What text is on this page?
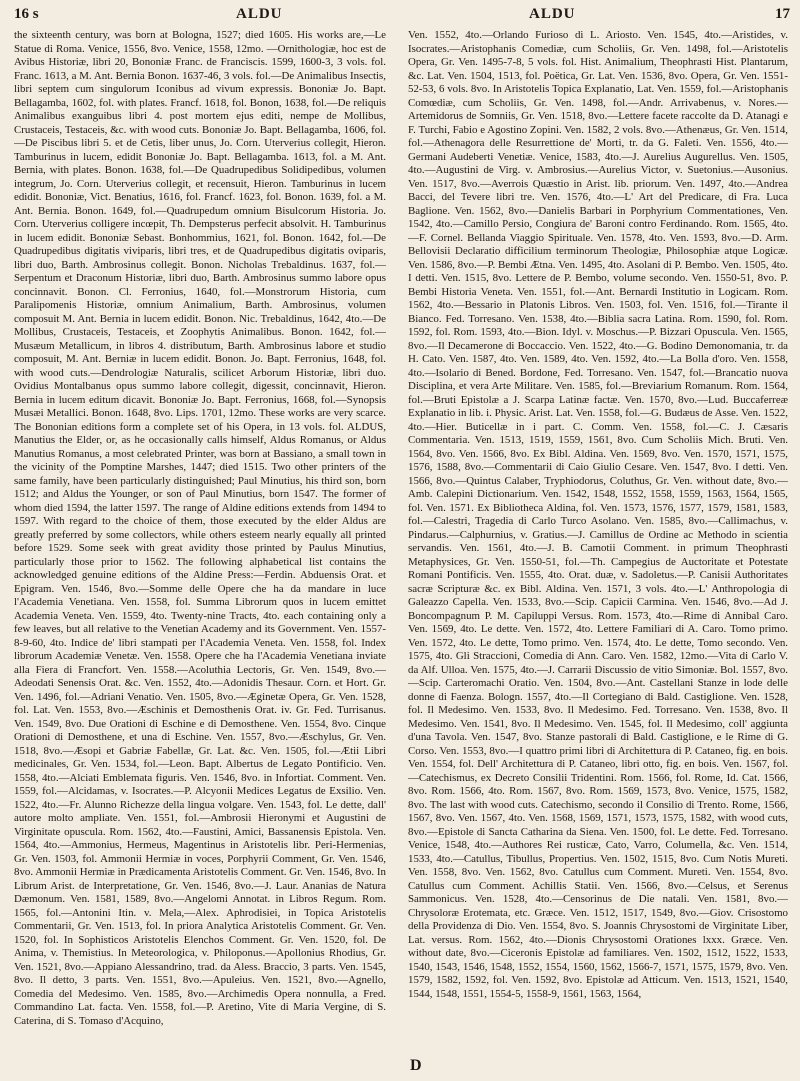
16 s	ALDU	ALDU	17

the sixteenth century, was born at Bologna, 1527; died 1605. His works are,—Le Statue di Roma. Venice, 1556, 8vo. Venice, 1558, 12mo. —Ornithologiæ, hoc est de Avibus Historiæ, libri 20, Bononiæ Franc. de Franciscis. 1599, 1600-3, 3 vols. fol. Franc. 1613, a M. Ant. Bernia Bonon. 1637-46, 3 vols. fol.—De Animalibus Insectis, libri septem cum singulorum Iconibus ad vivum expressis. Bononiæ Jo. Bapt. Bellagamba, 1602, fol. with plates. Francf. 1618, fol. Bonon, 1638, fol.—De reliquis Animalibus exanguibus libri 4. post mortem ejus editi, nempe de Mollibus, Crustaceis, Testaceis, &c. with wood cuts. Bononiæ Jo. Bapt. Bellagamba, 1606, fol.—De Piscibus libri 5. et de Cetis, liber unus, Jo. Corn. Uterverius collegit, Hieron. Tamburinus in lucem, edidit Bononiæ Jo. Bapt. Bellagamba. 1613, fol. a M. Ant. Bernia, with plates. Bonon. 1638, fol.—De Quadrupedibus Solidipedibus, volumen integrum, Jo. Corn. Uterverius collegit, et recensuit, Hieron. Tamburinus in lucem edidit. Bononiæ, Vict. Benatius, 1616, fol. Francf. 1623, fol. Bonon. 1639, fol. a M. Ant. Bernia. Bonon. 1649, fol.—Quadrupedum omnium Bisulcorum Historia. Jo. Corn. Uterverius colligere incœpit, Th. Dempsterus perfecit absolvit. H. Tamburinus in lucem edidit. Bononiæ Sebast. Bonhommius, 1621, fol. Bonon. 1642, fol.—De Quadrupedibus digitatis viviparis, libri tres, et de Quadrupedibus digitatis oviparis, libri duo, Barth. Ambrosinus collegit. Bonon. Nicholas Trebaldinus. 1637, fol.—Serpentum et Draconum Historiæ, libri duo, Barth. Ambrosinus summo labore opus concinnavit. Bonon. Cl. Ferronius, 1640, fol.—Monstrorum Historia, cum Paralipomenis Historiæ, omnium Animalium, Barth. Ambrosinus, volumen composuit M. Ant. Bernia in lucem edidit. Bonon. Nic. Trebaldinus, 1642, 4to.—De Mollibus, Crustaceis, Testaceis, et Zoophytis Animalibus. Bonon. 1642, fol.—Musæum Metallicum, in libros 4. distributum, Barth. Ambrosinus labore et studio composuit, M. Ant. Berniæ in lucem edidit. Bonon. Jo. Bapt. Ferronius, 1648, fol. with wood cuts.—Dendrologiæ Naturalis, scilicet Arborum Historiæ, libri duo. Ovidius Montalbanus opus summo labore collegit, digessit, concinnavit, Hieron. Bernia in lucem editum dicavit. Bononiæ Jo. Bapt. Ferronius, 1668, fol.—Synopsis Musæi Metallici. Bonon. 1648, 8vo. Lips. 1701, 12mo. These works are very scarce. The Bononian editions form a complete set of his Opera, in 13 vols. fol. ALDUS, Manutius the Elder, or, as he occasionally calls himself, Aldus Romanus, or Aldus Manutius Romanus, a most celebrated Printer, was born at Bassiano, a small town in the vicinity of the Pomptine Marshes, 1447; died 1515. Two other printers of the same family, have been particularly distinguished; Paul Minutius, his third son, born 1512; and Aldus the Younger, or son of Paul Minutius, born 1547. The former of whom died 1594, the latter 1597. The range of Aldine editions extends from 1494 to 1597. With regard to the choice of them, those executed by the elder Aldus are greatly preferred by some collectors, while others esteem nearly equally all printed before 1529. Some seek with great avidity those printed by Paulus Minutius, particularly those prior to 1562. The following alphabetical list contains the acknowledged genuine editions of the Aldine Press:—Ferdin. Abduensis Orat. et Epigram. Ven. 1546, 8vo.—Somme delle Opere che ha da mandare in luce l'Academia Venetiana. Ven. 1558, fol. Summa Librorum quos in lucem emittet Academia Veneta. Ven. 1559, 4to. Twenty-nine Tracts, 4to. each containing only a few leaves, but all relative to the Venetian Academy and its Government. Ven. 1557-8-9-60, 4to. Indice de' libri stampati per l'Academia Veneta. Ven. 1558, fol. Index librorum Academiæ Venetæ. Ven. 1558. Opere che ha l'Academia Venetiana inviate alla Fiera di Francfort. Ven. 1558.—Acoluthia Lectoris, Gr. Ven. 1549, 8vo.—Adeodati Senensis Orat. &c. Ven. 1552, 4to.—Adonidis Thesaur. Corn. et Hort. Gr. Ven. 1496, fol.—Adriani Venatio. Ven. 1505, 8vo.—Æginetæ Opera, Gr. Ven. 1528, fol. Lat. Ven. 1553, 8vo.—Æschinis et Demosthenis Orat. iv. Gr. Fed. Turrisanus. Ven. 1549, 8vo. Due Orationi di Eschine e di Demosthene. Ven. 1554, 8vo. Cinque Orationi di Demosthene, et una di Eschine. Ven. 1557, 8vo.—Æschylus, Gr. Ven. 1518, 8vo.—Æsopi et Gabriæ Fabellæ, Gr. Lat. &c. Ven. 1505, fol.—Ætii Libri medicinales, Gr. Ven. 1534, fol.—Leon. Bapt. Albertus de Legato Pontificio. Ven. 1558, 4to.—Alciati Emblemata figuris. Ven. 1546, 8vo. in Infortiat. Comment. Ven. 1559, fol.—Alcidamas, v. Isocrates.—P. Alcyonii Medices Legatus de Exsilio. Ven. 1522, 4to.—Fr. Alunno Richezze della lingua volgare. Ven. 1543, fol. Le dette, dall' autore molto ampliate. Ven. 1551, fol.—Ambrosii Hieronymi et Augustini de Virginitate opuscula. Rom. 1562, 4to.—Faustini, Amici, Bassanensis Epistola. Ven. 1564, 4to.—Ammonius, Hermeus, Magentinus in Aristotelis libr. Peri-Hermenias, Gr. Ven. 1503, fol. Ammonii Hermiæ in voces, Porphyrii Comment, Gr. Ven. 1546, 8vo. Ammonii Hermiæ in Prædicamenta Aristotelis Comment. Gr. Ven. 1546, 8vo. In Librum Arist. de Interpretatione, Gr. Ven. 1546, 8vo.—J. Laur. Ananias de Natura Dæmonum. Ven. 1581, 1589, 8vo.—Angelomi Annotat. in Libros Regum. Rom. 1565, fol.—Antonini Itin. v. Mela,—Alex. Aphrodisiei, in Topica Aristotelis Commentarii, Gr. Ven. 1513, fol. In priora Analytica Aristotelis Comment. Gr. Ven. 1520, fol. In Sophisticos Aristotelis Elenchos Comment. Gr. Ven. 1520, fol. De Anima, v. Themistius. In Meteorologica, v. Philoponus.—Apollonius Rhodius, Gr. Ven. 1521, 8vo.—Appiano Alessandrino, trad. da Aless. Braccio, 3 parts. Ven. 1545, 8vo. Il detto, 3 parts. Ven. 1551, 8vo.—Apuleius. Ven. 1521, 8vo.—Agnello, Comedia del Medesimo. Ven. 1585, 8vo.—Archimedis Opera nonnulla, a Fred. Commandino Lat. facta. Ven. 1558, fol.—P. Aretino, Vite di Maria Vergine, di S. Caterina, di S. Tomaso d'Acquino,

Ven. 1552, 4to.—Orlando Furioso di L. Ariosto. Ven. 1545, 4to.—Aristides, v. Isocrates.—Aristophanis Comediæ, cum Scholiis, Gr. Ven. 1498, fol.—Aristotelis Opera, Gr. Ven. 1495-7-8, 5 vols. fol. Hist. Animalium, Theophrasti Hist. Plantarum, &c. Lat. Ven. 1504, 1513, fol. Poëtica, Gr. Lat. Ven. 1536, 8vo. Opera, Gr. Ven. 1551-52-53, 6 vols. 8vo. In Aristotelis Topica Explanatio, Lat. Ven. 1559, fol.—Aristophanis Comœdiæ, cum Scholiis, Gr. Ven. 1498, fol.—Andr. Arrivabenus, v. Nores.—Artemidorus de Somniis, Gr. Ven. 1518, 8vo.—Lettere facete raccolte da D. Atanagi e F. Turchi, Fabio e Agostino Zopini. Ven. 1582, 2 vols. 8vo.—Athenæus, Gr. Ven. 1514, fol.—Athenagora delle Resurrettione de' Morti, tr. da G. Faleti. Ven. 1556, 4to.—Germani Audeberti Venetiæ. Venice, 1583, 4to.—J. Aurelius Augurellus. Ven. 1505, 4to.—Augustini de Virg. v. Ambrosius.—Aurelius Victor, v. Suetonius.—Ausonius. Ven. 1517, 8vo.—Averrois Quæstio in Arist. lib. priorum. Ven. 1497, 4to.—Andrea Bacci, del Tevere libri tre. Ven. 1576, 4to.—L' Art del Predicare, di Fra. Luca Baglione. Ven. 1562, 8vo.—Danielis Barbari in Porphyrium Commentationes, Ven. 1542, 4to.—Camillo Persio, Congiura de' Baroni contro Ferdinando. Rom. 1565, 4to.—F. Cornel. Bellanda Viaggio Spirituale. Ven. 1578, 4to. Ven. 1593, 8vo.—D. Arm. Bellovisii Declaratio difficilium terminorum Theologiæ, Philosophiæ atque Logicæ. Ven. 1586, 8vo.—P. Bembi Ætna. Ven. 1495, 4to. Asolani di P. Bembo. Ven. 1505, 4to. I detti. Ven. 1515, 8vo. Lettere de P. Bembo, volume secondo. Ven. 1550-51, 8vo. P. Bembi Historia Veneta. Ven. 1551, fol.—Ant. Bernardi Institutio in Logicam. Rom. 1562, 4to.—Bessario in Platonis Libros. Ven. 1503, fol. Ven. 1516, fol.—Tirante il Bianco. Fed. Torresano. Ven. 1538, 4to.—Biblia sacra Latina. Rom. 1590, fol. Rom. 1592, fol. Rom. 1593, 4to.—Bion. Idyl. v. Moschus.—P. Bizzari Opuscula. Ven. 1565, 8vo.—Il Decamerone di Boccaccio. Ven. 1522, 4to.—G. Bodino Demonomania, tr. da H. Cato. Ven. 1587, 4to. Ven. 1589, 4to. Ven. 1592, 4to.—La Bolla d'oro. Ven. 1558, 4to.—Isolario di Bened. Bordone, Fed. Torresano. Ven. 1547, fol.—Brancatio nuova Disciplina, et vera Arte Militare. Ven. 1585, fol.—Breviarium Romanum. Rom. 1564, fol.—Bruti Epistolæ a J. Scarpa Latinæ factæ. Ven. 1570, 8vo.—Lud. Buccaferreæ Explanatio in lib. i. Physic. Arist. Lat. Ven. 1558, fol.—G. Budæus de Asse. Ven. 1522, 4to.—Hier. Buticellæ in i part. C. Comm. Ven. 1558, fol.—C. J. Cæsaris Commentaria. Ven. 1513, 1519, 1559, 1561, 8vo. Cum Scholiis Mich. Bruti. Ven. 1564, 8vo. Ven. 1566, 8vo. Ex Bibl. Aldina. Ven. 1569, 8vo. Ven. 1570, 1571, 1575, 1576, 1588, 8vo.—Commentarii di Caio Giulio Cesare. Ven. 1547, 8vo. I detti. Ven. 1566, 8vo.—Quintus Calaber, Tryphiodorus, Coluthus, Gr. Ven. without date, 8vo.—Amb. Calepini Dictionarium. Ven. 1542, 1548, 1552, 1558, 1559, 1563, 1564, 1565, fol. Ven. 1571. Ex Bibliotheca Aldina, fol. Ven. 1573, 1576, 1577, 1579, 1581, 1583, fol.—Calestri, Tragedia di Carlo Turco Asolano. Ven. 1585, 8vo.—Callimachus, v. Pindarus.—Calphurnius, v. Gratius.—J. Camillus de Ordine ac Methodo in scientia servandis. Ven. 1561, 4to.—J. B. Camotii Comment. in primum Theophrasti Metaphysices, Gr. Ven. 1550-51, fol.—Th. Campegius de Auctoritate et Potestate Romani Pontificis. Ven. 1555, 4to. Orat. duæ, v. Sadoletus.—P. Canisii Authoritates sacræ Scripturæ &c. ex Bibl. Aldina. Ven. 1571, 3 vols. 4to.—L' Anthropologia di Galeazzo Capella. Ven. 1533, 8vo.—Scip. Capicii Carmina. Ven. 1546, 8vo.—Ad J. Boncompagnum P. M. Capiluppi Versus. Rom. 1573, 4to.—Rime di Annibal Caro. Ven. 1569, 4to. Le dette. Ven. 1572, 4to. Lettere Familiari di A. Caro. Tomo primo. Ven. 1572, 4to. Le dette, Tomo primo. Ven. 1574, 4to. Le dette, Tomo secondo. Ven. 1575, 4to. Gli Straccioni, Comedia di Ann. Caro. Ven. 1582, 12mo.—Vita di Carlo V. da Alf. Ulloa. Ven. 1575, 4to.—J. Carrarii Discussio de vitio Simoniæ. Bol. 1557, 8vo.—Scip. Carteromachi Oratio. Ven. 1504, 8vo.—Ant. Castellani Stanze in lode delle donne di Faenza. Bologn. 1557, 4to.—Il Cortegiano di Bald. Castiglione. Ven. 1528, fol. Il Medesimo. Ven. 1533, 8vo. Il Medesimo. Fed. Torresano. Ven. 1538, 8vo. Il Medesimo. Ven. 1541, 8vo. Il Medesimo. Ven. 1545, fol. Il Medesimo, coll' aggiunta d'una Tavola. Ven. 1547, 8vo. Stanze pastorali di Bald. Castiglione, e le Rime di G. Corso. Ven. 1553, 8vo.—I quattro primi libri di Architettura di P. Cataneo, fig. en bois. Ven. 1554, fol. Dell' Architettura di P. Cataneo, libri otto, fig. en bois. Ven. 1567, fol.—Catechismus, ex Decreto Consilii Tridentini. Rom. 1566, fol. Rome, Id. Cat. 1566, 8vo. Rom. 1566, 4to. Rom. 1567, 8vo. Rom. 1569, 1573, 8vo. Venice, 1575, 1582, 8vo. The last with wood cuts. Catechismo, secondo il Consilio di Trento. Rome, 1566, 1567, 8vo. Ven. 1567, 4to. Ven. 1568, 1569, 1571, 1573, 1575, 1582, with wood cuts, 8vo.—Epistole di Sancta Catharina da Siena. Ven. 1500, fol. Le dette. Fed. Torresano. Venice, 1548, 4to.—Authores Rei rusticæ, Cato, Varro, Columella, &c. Ven. 1514, 1533, 4to.—Catullus, Tibullus, Propertius. Ven. 1502, 1515, 8vo. Cum Notis Mureti. Ven. 1558, 8vo. Ven. 1562, 8vo. Catullus cum Comment. Mureti. Ven. 1554, 8vo. Catullus cum Comment. Achillis Statii. Ven. 1566, 8vo.—Celsus, et Serenus Sammonicus. Ven. 1528, 4to.—Censorinus de Die natali. Ven. 1581, 8vo.—Chrysoloræ Erotemata, etc. Græce. Ven. 1512, 1517, 1549, 8vo.—Giov. Crisostomo della Providenza di Dio. Ven. 1554, 8vo. S. Joannis Chrysostomi de Virginitate Liber, Lat. versus. Rom. 1562, 4to.—Dionis Chrysostomi Orationes lxxx. Græce. Ven. without date, 8vo.—Ciceronis Epistolæ ad familiares. Ven. 1502, 1512, 1522, 1533, 1540, 1543, 1546, 1548, 1552, 1554, 1560, 1562, 1566-7, 1571, 1575, 1579, 8vo. Ven. 1579, 1582, 1592, fol. Ven. 1592, 8vo. Epistolæ ad Atticum. Ven. 1513, 1521, 1540, 1544, 1548, 1551, 1554-5, 1558-9, 1561, 1563, 1564,

D
